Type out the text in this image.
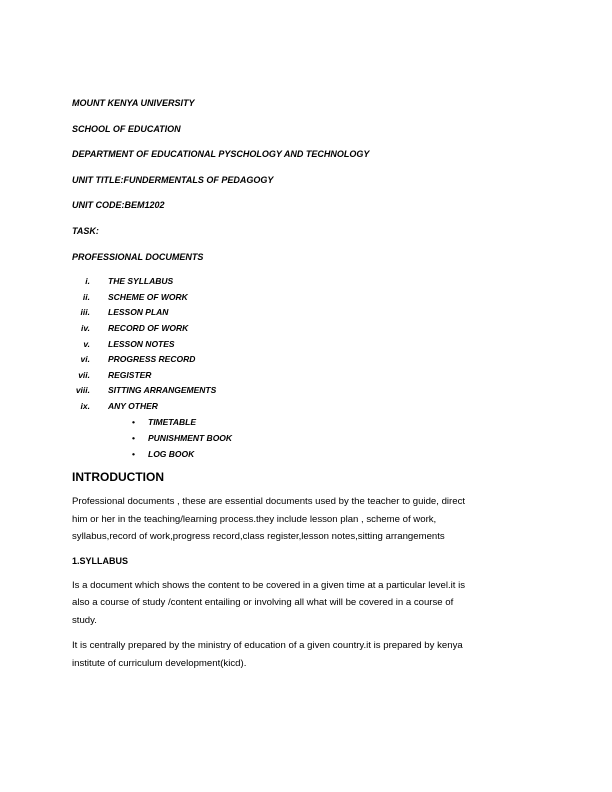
MOUNT KENYA UNIVERSITY
SCHOOL OF EDUCATION
DEPARTMENT OF EDUCATIONAL PYSCHOLOGY AND TECHNOLOGY
UNIT TITLE:FUNDERMENTALS OF PEDAGOGY
UNIT CODE:BEM1202
TASK:
PROFESSIONAL DOCUMENTS
i. THE SYLLABUS
ii. SCHEME OF WORK
iii. LESSON PLAN
iv. RECORD OF WORK
v. LESSON NOTES
vi. PROGRESS RECORD
vii. REGISTER
viii. SITTING ARRANGEMENTS
ix. ANY OTHER
• TIMETABLE
• PUNISHMENT BOOK
• LOG BOOK
INTRODUCTION

Professional documents , these are essential documents used by the teacher to guide, direct
him or her in the teaching/learning process.they include lesson plan , scheme of work,
syllabus,record of work,progress record,class register,lesson notes,sitting arrangements

1.SYLLABUS

Is a document which shows the content to be covered in a given time at a particular level.it is
also a course of study /content entailing or involving all what will be covered in a course of
study.

It is centrally prepared by the ministry of education of a given country.it is prepared by kenya
institute of curriculum development(kicd).
